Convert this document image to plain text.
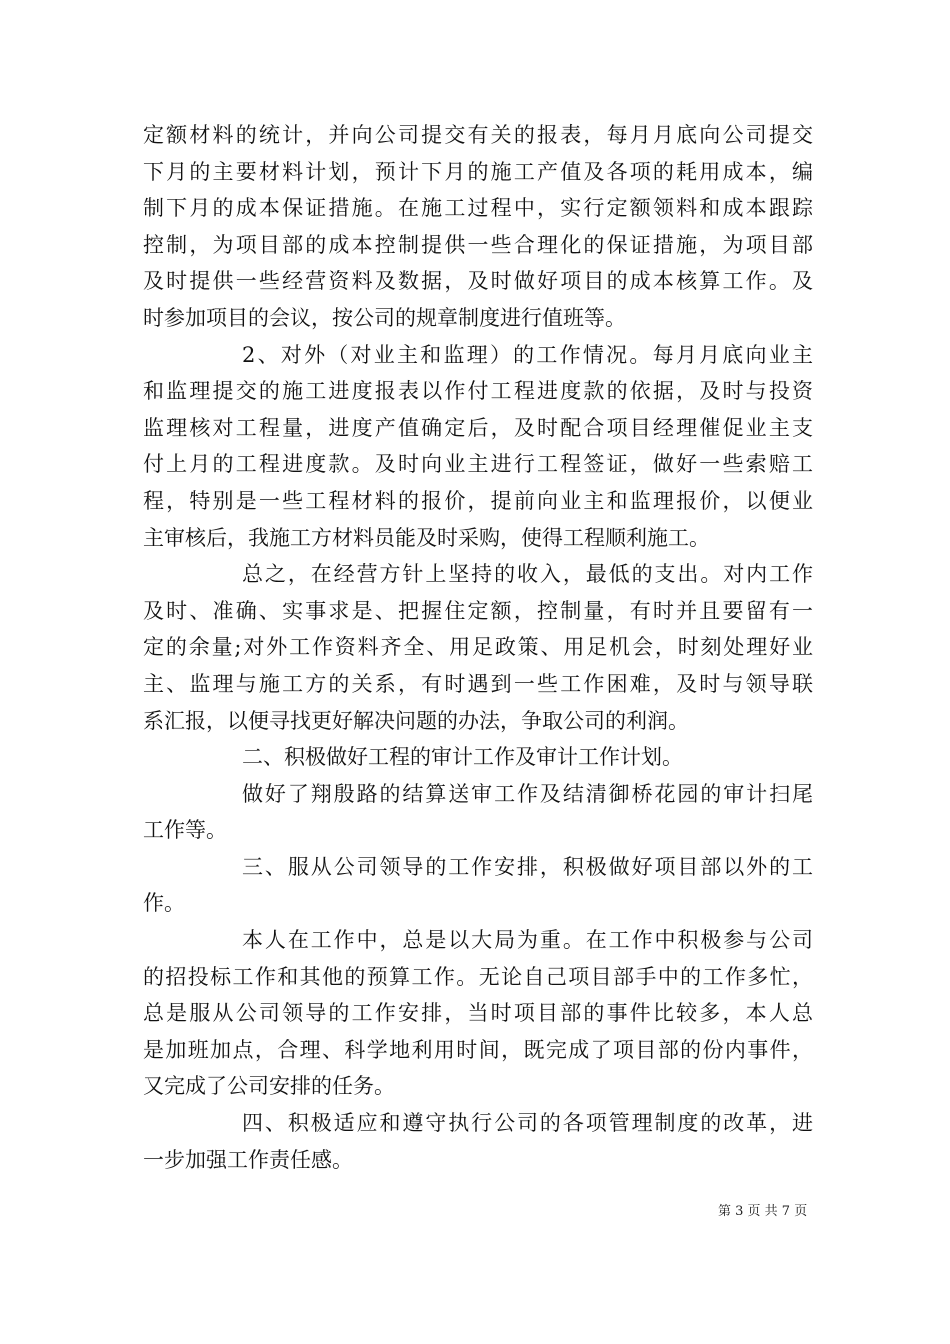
定额材料的统计，并向公司提交有关的报表，每月月底向公司提交
下月的主要材料计划，预计下月的施工产值及各项的耗用成本，编
制下月的成本保证措施。在施工过程中，实行定额领料和成本跟踪
控制，为项目部的成本控制提供一些合理化的保证措施，为项目部
及时提供一些经营资料及数据，及时做好项目的成本核算工作。及
时参加项目的会议，按公司的规章制度进行值班等。
2、对外（对业主和监理）的工作情况。每月月底向业主
和监理提交的施工进度报表以作付工程进度款的依据，及时与投资
监理核对工程量，进度产值确定后，及时配合项目经理催促业主支
付上月的工程进度款。及时向业主进行工程签证，做好一些索赔工
程，特别是一些工程材料的报价，提前向业主和监理报价，以便业
主审核后，我施工方材料员能及时采购，使得工程顺利施工。
总之，在经营方针上坚持的收入，最低的支出。对内工作
及时、准确、实事求是、把握住定额，控制量，有时并且要留有一
定的余量;对外工作资料齐全、用足政策、用足机会，时刻处理好业
主、监理与施工方的关系，有时遇到一些工作困难，及时与领导联
系汇报，以便寻找更好解决问题的办法，争取公司的利润。
二、积极做好工程的审计工作及审计工作计划。
做好了翔殷路的结算送审工作及结清御桥花园的审计扫尾
工作等。
三、服从公司领导的工作安排，积极做好项目部以外的工
作。
本人在工作中，总是以大局为重。在工作中积极参与公司
的招投标工作和其他的预算工作。无论自己项目部手中的工作多忙，
总是服从公司领导的工作安排，当时项目部的事件比较多，本人总
是加班加点，合理、科学地利用时间，既完成了项目部的份内事件，
又完成了公司安排的任务。
四、积极适应和遵守执行公司的各项管理制度的改革，进
一步加强工作责任感。
第 3 页 共 7 页
